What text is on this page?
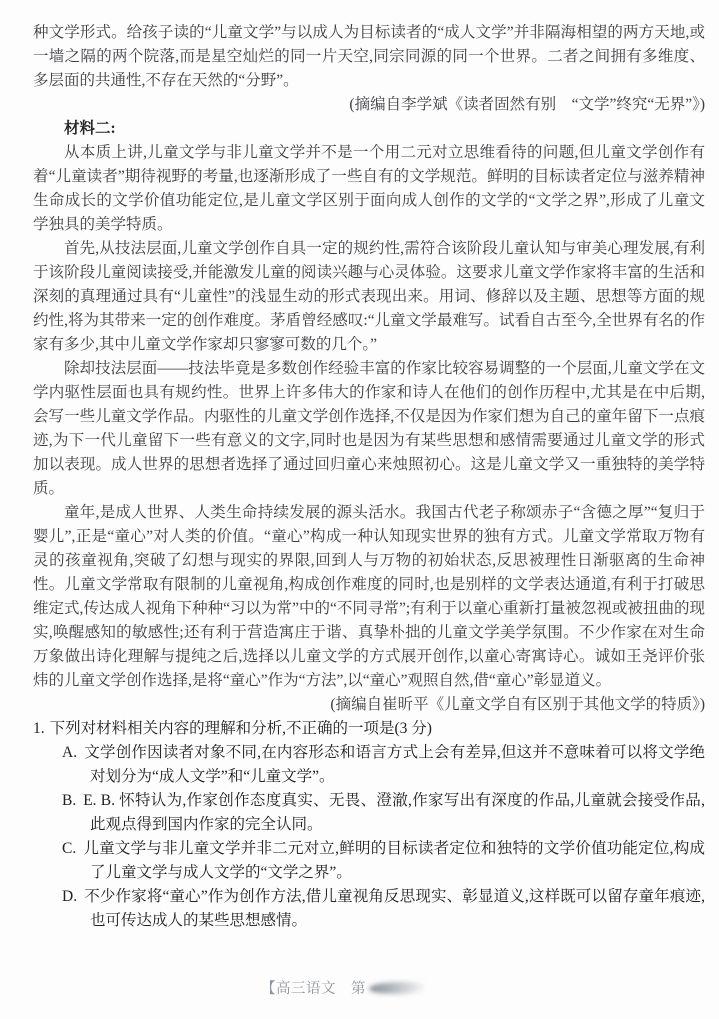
种文学形式。给孩子读的“儿童文学”与以成人为目标读者的“成人文学”并非隔海相望的两方天地,或一墙之隔的两个院落,而是星空灿烂的同一片天空,同宗同源的同一个世界。二者之间拥有多维度、多层面的共通性,不存在天然的“分野”。

(摘编自李学斌《读者固然有别　“文学”终究“无界”》)

材料二:

从本质上讲,儿童文学与非儿童文学并不是一个用二元对立思维看待的问题,但儿童文学创作有着“儿童读者”期待视野的考量,也逐渐形成了一些自有的文学规范。鲜明的目标读者定位与滋养精神生命成长的文学价值功能定位,是儿童文学区别于面向成人创作的文学的“文学之界”,形成了儿童文学独具的美学特质。

首先,从技法层面,儿童文学创作自具一定的规约性,需符合该阶段儿童认知与审美心理发展,有利于该阶段儿童阅读接受,并能激发儿童的阅读兴趣与心灵体验。这要求儿童文学作家将丰富的生活和深刻的真理通过具有“儿童性”的浅显生动的形式表现出来。用词、修辞以及主题、思想等方面的规约性,将为其带来一定的创作难度。茅盾曾经感叹:“儿童文学最难写。试看自古至今,全世界有名的作家有多少,其中儿童文学作家却只寥寥可数的几个。”

除却技法层面——技法毕竟是多数创作经验丰富的作家比较容易调整的一个层面,儿童文学在文学内驱性层面也具有规约性。世界上许多伟大的作家和诗人在他们的创作历程中,尤其是在中后期,会写一些儿童文学作品。内驱性的儿童文学创作选择,不仅是因为作家们想为自己的童年留下一点痕迹,为下一代儿童留下一些有意义的文字,同时也是因为有某些思想和感情需要通过儿童文学的形式加以表现。成人世界的思想者选择了通过回归童心来烛照初心。这是儿童文学又一重独特的美学特质。

童年,是成人世界、人类生命持续发展的源头活水。我国古代老子称颂赤子“含德之厚”“复归于婴儿”,正是“童心”对人类的价值。“童心”构成一种认知现实世界的独有方式。儿童文学常取万物有灵的孩童视角,突破了幻想与现实的界限,回到人与万物的初始状态,反思被理性日渐驱离的生命神性。儿童文学常取有限制的儿童视角,构成创作难度的同时,也是别样的文学表达通道,有利于打破思维定式,传达成人视角下种种“习以为常”中的“不同寻常”;有利于以童心重新打量被忽视或被扭曲的现实,唤醒感知的敏感性;还有利于营造寓庄于谐、真挚朴拙的儿童文学美学氛围。不少作家在对生命万象做出诗化理解与提纯之后,选择以儿童文学的方式展开创作,以童心寄寓诗心。诚如王尧评价张炜的儿童文学创作选择,是将“童心”作为“方法”,以“童心”观照自然,借“童心”彰显道义。

(摘编自崔昕平《儿童文学自有区别于其他文学的特质》)

1. 下列对材料相关内容的理解和分析,不正确的一项是(3 分)

A. 文学创作因读者对象不同,在内容形态和语言方式上会有差异,但这并不意味着可以将文学绝对划分为“成人文学”和“儿童文学”。

B. E. B. 怀特认为,作家创作态度真实、无畏、澄澈,作家写出有深度的作品,儿童就会接受作品,此观点得到国内作家的完全认同。

C. 儿童文学与非儿童文学并非二元对立,鲜明的目标读者定位和独特的文学价值功能定位,构成了儿童文学与成人文学的“文学之界”。

D. 不少作家将“童心”作为创作方法,借儿童视角反思现实、彰显道义,这样既可以留存童年痕迹,也可传达成人的某些思想感情。

【高三语文　第
